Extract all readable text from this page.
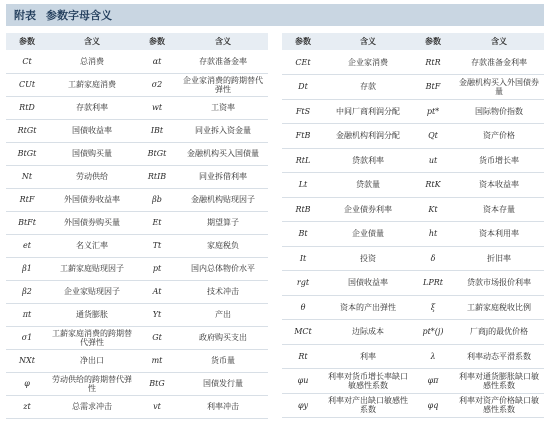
附表 参数字母含义
参数	含义	参数	含义
Ct	总消费	αt	存款准备金率
CUt	工薪家庭消费	σ2	企业家消费的跨期替代弹性
RtD	存款利率	wt	工资率
RtGt	国债收益率	IBt	同业拆入资金量
BtGt	国债购买量	BtGt	金融机构买入国债量
Nt	劳动供给	RtIB	同业拆借利率
RtF	外国债券收益率	βb	金融机构贴现因子
BtFt	外国债券购买量	Et	期望算子
et	名义汇率	Tt	家庭税负
β1	工薪家庭贴现因子	pt	国内总体物价水平
β2	企业家贴现因子	At	技术冲击
πt	通货膨胀	Yt	产出
σ1	工薪家庭消费的跨期替代弹性	Gt	政府购买支出
NXt	净出口	mt	货币量
φ	劳动供给的跨期替代弹性	BtG	国债发行量
zt	总需求冲击	vt	利率冲击
参数	含义	参数	含义
CEt	企业家消费	RtR	存款准备金利率
Dt	存款	BtF	金融机构买入外国债券量
FtS	中间厂商利润分配	pt*	国际物价指数
FtB	金融机构利润分配	Qt	资产价格
RtL	贷款利率	ut	货币增长率
Lt	贷款量	RtK	资本收益率
RtB	企业债券利率	Kt	资本存量
Bt	企业债量	ht	资本利用率
It	投资	δ	折旧率
rgt	国债收益率	LPRt	贷款市场报价利率
θ	资本的产出弹性	ξ	工薪家庭税收比例
MCt	边际成本	pt*(j)	厂商j的最优价格
Rt	利率	λ	利率动态平滑系数
φu	利率对货币增长率缺口敏感性系数	φπ	利率对通货膨胀缺口敏感性系数
φy	利率对产出缺口敏感性系数	φq	利率对资产价格缺口敏感性系数
